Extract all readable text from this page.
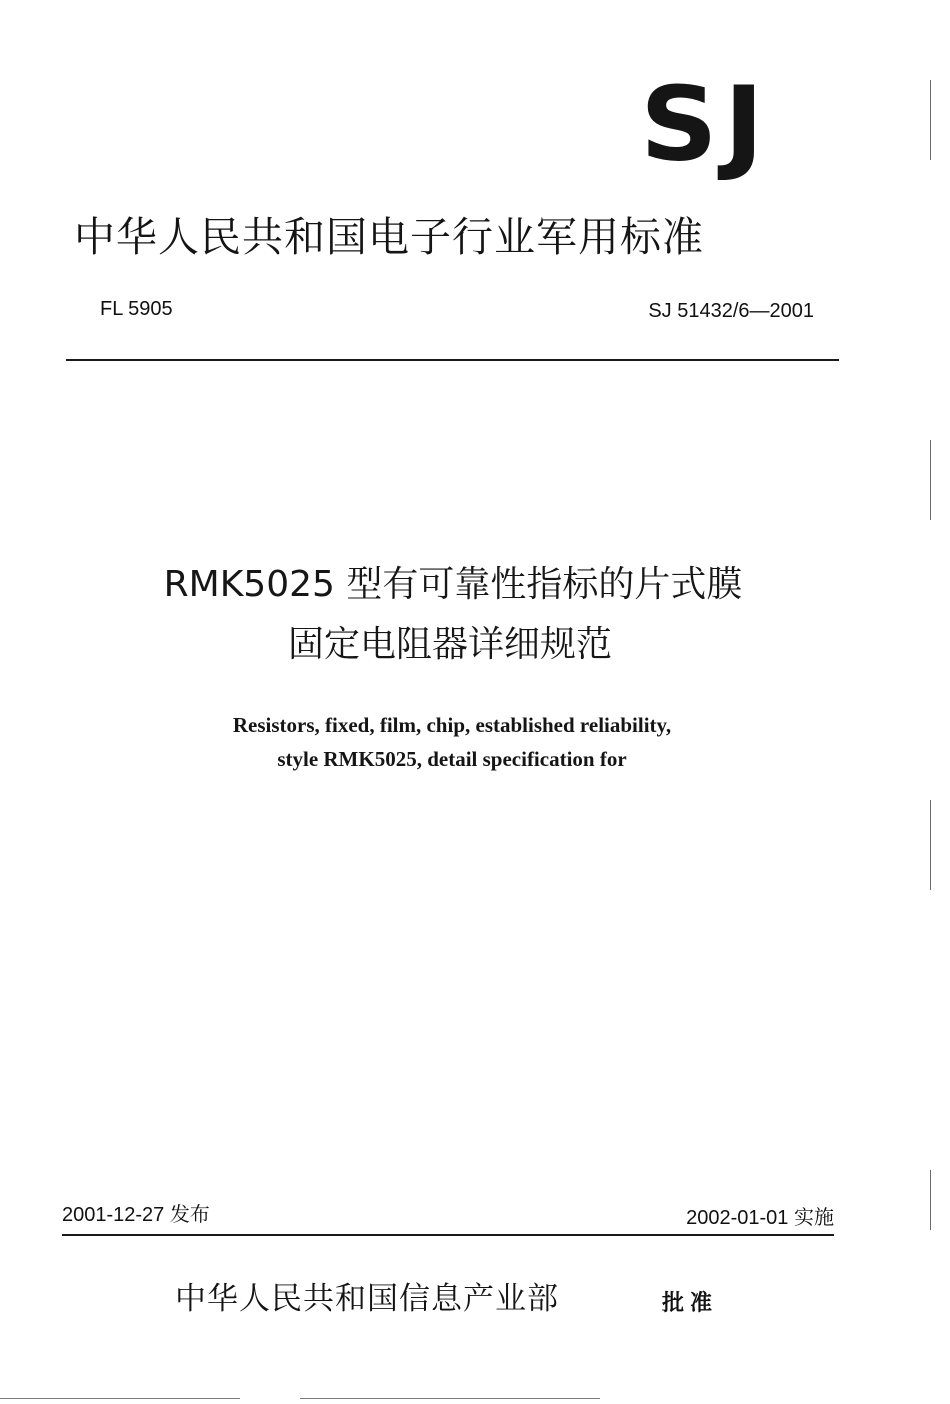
SJ
中华人民共和国电子行业军用标准
FL 5905	SJ 51432/6—2001
RMK5025 型有可靠性指标的片式膜
固定电阻器详细规范
Resistors, fixed, film, chip, established reliability,
style RMK5025, detail specification for
2001-12-27 发布	2002-01-01 实施
中华人民共和国信息产业部	批准
